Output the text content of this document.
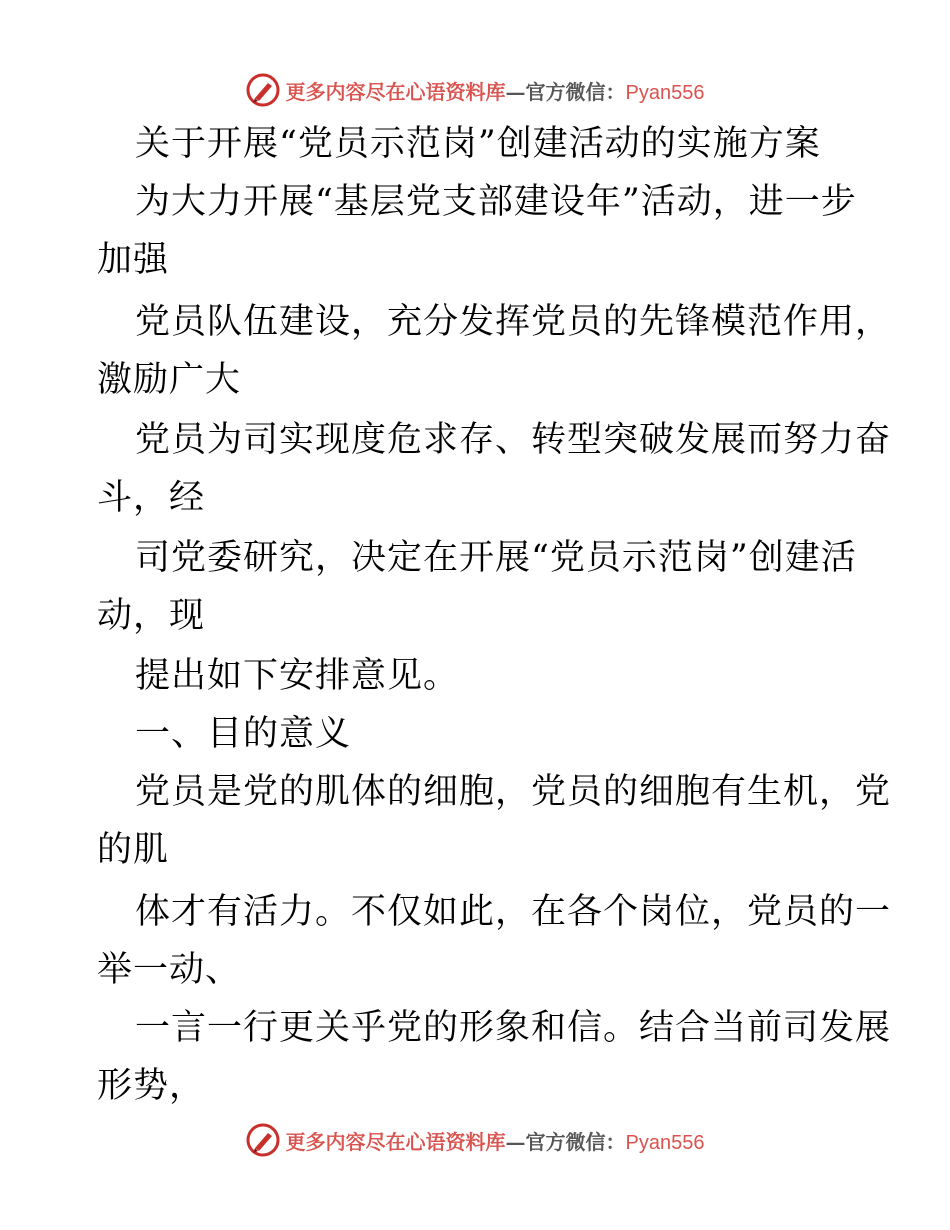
更多内容尽在心语资料库—官方微信：Pyan556
关于开展“党员示范岗”创建活动的实施方案
为大力开展“基层党支部建设年”活动，进一步
加强
党员队伍建设，充分发挥党员的先锋模范作用，
激励广大
党员为司实现度危求存、转型突破发展而努力奋
斗，经
司党委研究，决定在开展“党员示范岗”创建活
动，现
提出如下安排意见。
一、目的意义
党员是党的肌体的细胞，党员的细胞有生机，党
的肌
体才有活力。不仅如此，在各个岗位，党员的一
举一动、
一言一行更关乎党的形象和信。结合当前司发展
形势，
更多内容尽在心语资料库—官方微信：Pyan556
